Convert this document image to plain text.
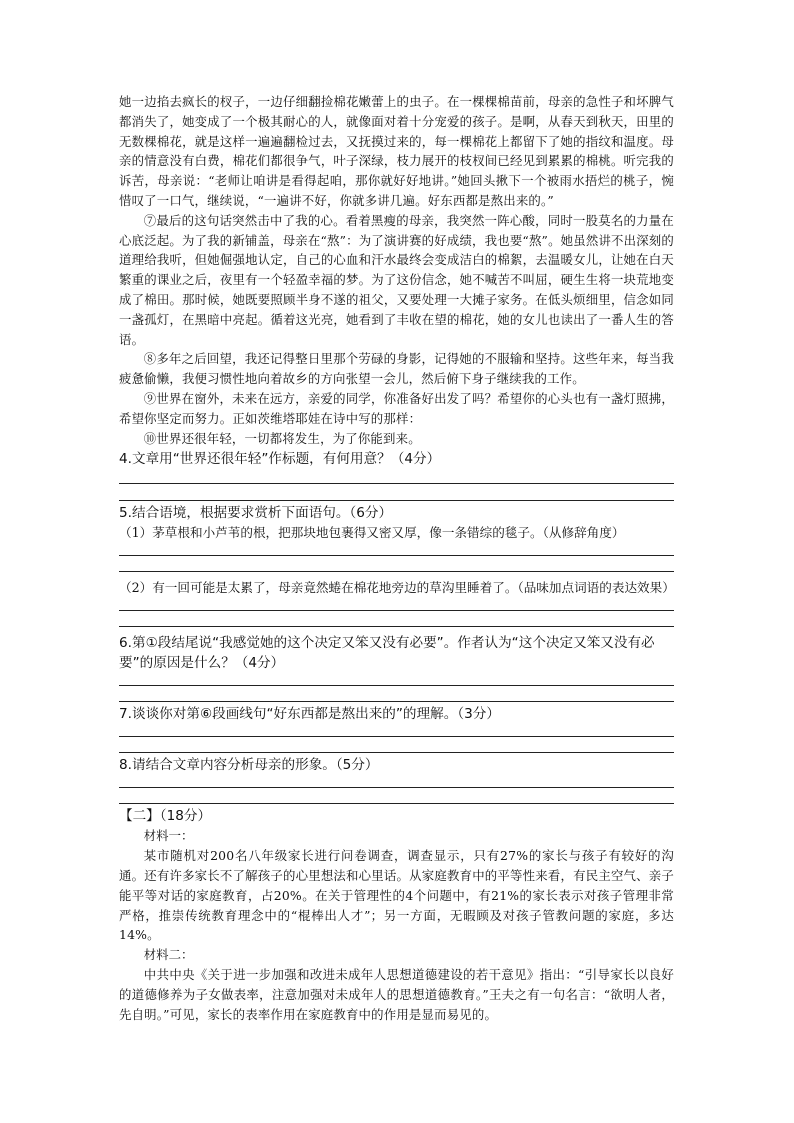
她一边掐去疯长的杈子，一边仔细翻捡棉花嫩蕾上的虫子。在一棵棵棉苗前，母亲的急性子和坏脾气都消失了，她变成了一个极其耐心的人，就像面对着十分宠爱的孩子。是啊，从春天到秋天，田里的无数棵棉花，就是这样一遍遍翻检过去，又抚摸过来的，每一棵棉花上都留下了她的指纹和温度。母亲的情意没有白费，棉花们都很争气，叶子深绿，枝力展开的枝杈间已经见到累累的棉桃。听完我的诉苦，母亲说：“老师让咱讲是看得起咱，那你就好好地讲。”她回头揪下一个被雨水捂烂的桃子，惋惜叹了一口气，继续说，“一遍讲不好，你就多讲几遍。好东西都是熬出来的。”

⑦最后的这句话突然击中了我的心。看着黑瘦的母亲，我突然一阵心酸，同时一股莫名的力量在心底泛起。为了我的新铺盖，母亲在“熬”：为了演讲赛的好成绩，我也要“熬”。她虽然讲不出深刻的道理给我听，但她倔强地认定，自己的心血和汗水最终会变成洁白的棉絮，去温暖女儿，让她在白天繁重的课业之后，夜里有一个轻盈幸福的梦。为了这份信念，她不喊苦不叫屈，硬生生将一块荒地变成了棉田。那时候，她既要照顾半身不遂的祖父，又要处理一大摊子家务。在低头烦细里，信念如同一盏孤灯，在黑暗中亮起。循着这光亮，她看到了丰收在望的棉花，她的女儿也读出了一番人生的答语。

⑧多年之后回望，我还记得整日里那个劳碌的身影，记得她的不服输和坚持。这些年来，每当我疲惫偷懒，我便习惯性地向着故乡的方向张望一会儿，然后俯下身子继续我的工作。

⑨世界在窗外，未来在远方，亲爱的同学，你准备好出发了吗？希望你的心头也有一盏灯照拂，希望你坚定而努力。正如茨维塔耶娃在诗中写的那样：

⑩世界还很年轻，一切都将发生，为了你能到来。

4.文章用“世界还很年轻”作标题，有何用意？（4分）

5.结合语境，根据要求赏析下面语句。（6分）

（1）茅草根和小芦苇的根，把那块地包裹得又密又厚，像一条错综的毯子。（从修辞角度）

（2）有一回可能是太累了，母亲竟然蜷在棉花地旁边的草沟里睡着了。（品味加点词语的表达效果）

6.第①段结尾说“我感觉她的这个决定又笨又没有必要”。作者认为“这个决定又笨又没有必要”的原因是什么？（4分）

7.谈谈你对第⑥段画线句“好东西都是熬出来的”的理解。（3分）

8.请结合文章内容分析母亲的形象。（5分）

【二】（18分）

材料一：

某市随机对200名八年级家长进行问卷调查，调查显示，只有27%的家长与孩子有较好的沟通。还有许多家长不了解孩子的心里想法和心里话。从家庭教育中的平等性来看，有民主空气、亲子能平等对话的家庭教育，占20%。在关于管理性的4个问题中，有21%的家长表示对孩子管理非常严格，推崇传统教育理念中的“棍棒出人才”；另一方面，无暇顾及对孩子管教问题的家庭，多达14%。

材料二：

中共中央《关于进一步加强和改进未成年人思想道德建设的若干意见》指出：“引导家长以良好的道德修养为子女做表率，注意加强对未成年人的思想道德教育。”王夫之有一句名言：“欲明人者，先自明。”可见，家长的表率作用在家庭教育中的作用是显而易见的。
